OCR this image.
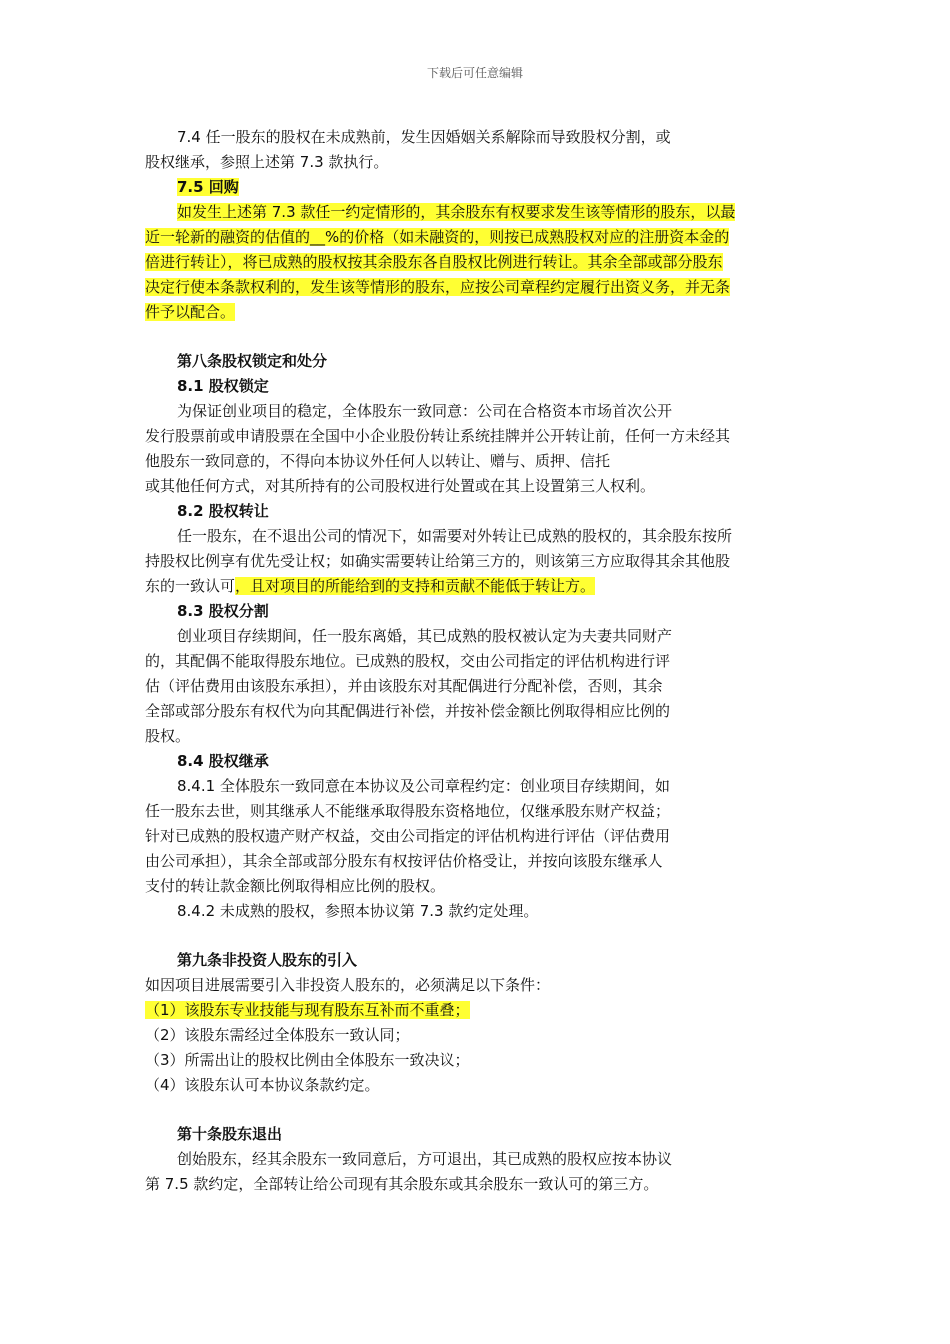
下载后可任意编辑
7.4 任一股东的股权在未成熟前，发生因婚姻关系解除而导致股权分割，或
股权继承，参照上述第 7.3 款执行。
7.5 回购
如发生上述第 7.3 款任一约定情形的，其余股东有权要求发生该等情形的股东，以最
近一轮新的融资的估值的__%的价格（如未融资的，则按已成熟股权对应的注册资本金的
倍进行转让），将已成熟的股权按其余股东各自股权比例进行转让。其余全部或部分股东
决定行使本条款权利的，发生该等情形的股东，应按公司章程约定履行出资义务，并无条
件予以配合。
第八条股权锁定和处分
8.1 股权锁定
为保证创业项目的稳定，全体股东一致同意：公司在合格资本市场首次公开
发行股票前或申请股票在全国中小企业股份转让系统挂牌并公开转让前，任何一方未经其
他股东一致同意的，不得向本协议外任何人以转让、赠与、质押、信托
或其他任何方式，对其所持有的公司股权进行处置或在其上设置第三人权利。
8.2 股权转让
任一股东，在不退出公司的情况下，如需要对外转让已成熟的股权的，其余股东按所
持股权比例享有优先受让权；如确实需要转让给第三方的，则该第三方应取得其余其他股
东的一致认可，且对项目的所能给到的支持和贡献不能低于转让方。
8.3 股权分割
创业项目存续期间，任一股东离婚，其已成熟的股权被认定为夫妻共同财产
的，其配偶不能取得股东地位。已成熟的股权，交由公司指定的评估机构进行评
估（评估费用由该股东承担），并由该股东对其配偶进行分配补偿，否则，其余
全部或部分股东有权代为向其配偶进行补偿，并按补偿金额比例取得相应比例的
股权。
8.4 股权继承
8.4.1 全体股东一致同意在本协议及公司章程约定：创业项目存续期间，如
任一股东去世，则其继承人不能继承取得股东资格地位，仅继承股东财产权益；
针对已成熟的股权遗产财产权益，交由公司指定的评估机构进行评估（评估费用
由公司承担），其余全部或部分股东有权按评估价格受让，并按向该股东继承人
支付的转让款金额比例取得相应比例的股权。
8.4.2 未成熟的股权，参照本协议第 7.3 款约定处理。
第九条非投资人股东的引入
如因项目进展需要引入非投资人股东的，必须满足以下条件：
（1）该股东专业技能与现有股东互补而不重叠；
（2）该股东需经过全体股东一致认同；
（3）所需出让的股权比例由全体股东一致决议；
（4）该股东认可本协议条款约定。
第十条股东退出
创始股东，经其余股东一致同意后，方可退出，其已成熟的股权应按本协议
第 7.5 款约定，全部转让给公司现有其余股东或其余股东一致认可的第三方。
